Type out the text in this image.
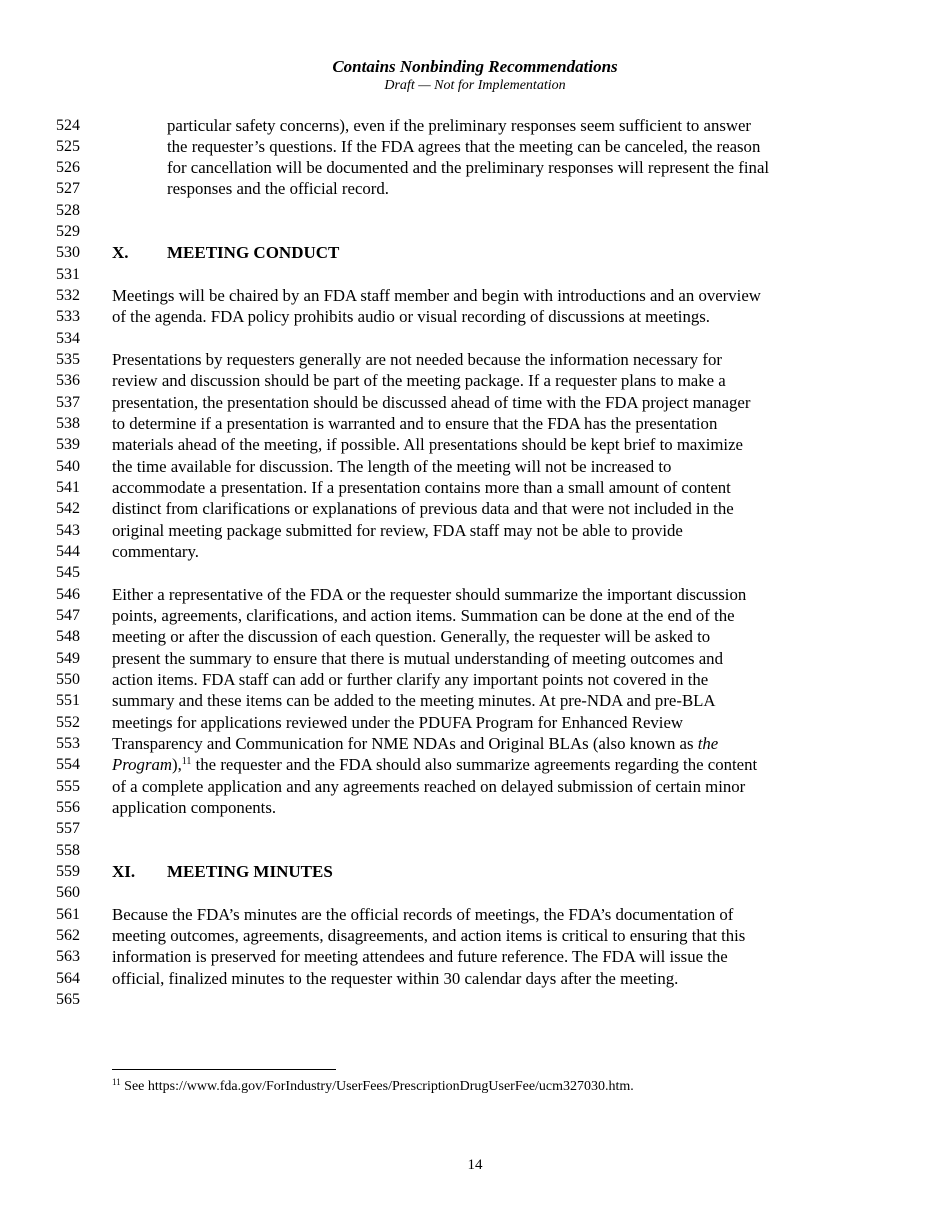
Contains Nonbinding Recommendations
Draft — Not for Implementation
524	particular safety concerns), even if the preliminary responses seem sufficient to answer
525	the requester’s questions. If the FDA agrees that the meeting can be canceled, the reason
526	for cancellation will be documented and the preliminary responses will represent the final
527	responses and the official record.
528
529
530	X. MEETING CONDUCT
531
532	Meetings will be chaired by an FDA staff member and begin with introductions and an overview
533	of the agenda. FDA policy prohibits audio or visual recording of discussions at meetings.
534
535	Presentations by requesters generally are not needed because the information necessary for
536	review and discussion should be part of the meeting package. If a requester plans to make a
537	presentation, the presentation should be discussed ahead of time with the FDA project manager
538	to determine if a presentation is warranted and to ensure that the FDA has the presentation
539	materials ahead of the meeting, if possible. All presentations should be kept brief to maximize
540	the time available for discussion. The length of the meeting will not be increased to
541	accommodate a presentation. If a presentation contains more than a small amount of content
542	distinct from clarifications or explanations of previous data and that were not included in the
543	original meeting package submitted for review, FDA staff may not be able to provide
544	commentary.
545
546	Either a representative of the FDA or the requester should summarize the important discussion
547	points, agreements, clarifications, and action items. Summation can be done at the end of the
548	meeting or after the discussion of each question. Generally, the requester will be asked to
549	present the summary to ensure that there is mutual understanding of meeting outcomes and
550	action items. FDA staff can add or further clarify any important points not covered in the
551	summary and these items can be added to the meeting minutes. At pre-NDA and pre-BLA
552	meetings for applications reviewed under the PDUFA Program for Enhanced Review
553	Transparency and Communication for NME NDAs and Original BLAs (also known as the
554	Program),$^{11}$ the requester and the FDA should also summarize agreements regarding the content
555	of a complete application and any agreements reached on delayed submission of certain minor
556	application components.
557
558
559	XI. MEETING MINUTES
560
561	Because the FDA’s minutes are the official records of meetings, the FDA’s documentation of
562	meeting outcomes, agreements, disagreements, and action items is critical to ensuring that this
563	information is preserved for meeting attendees and future reference. The FDA will issue the
564	official, finalized minutes to the requester within 30 calendar days after the meeting.
565
$^{11}$ See https://www.fda.gov/ForIndustry/UserFees/PrescriptionDrugUserFee/ucm327030.htm.
14
